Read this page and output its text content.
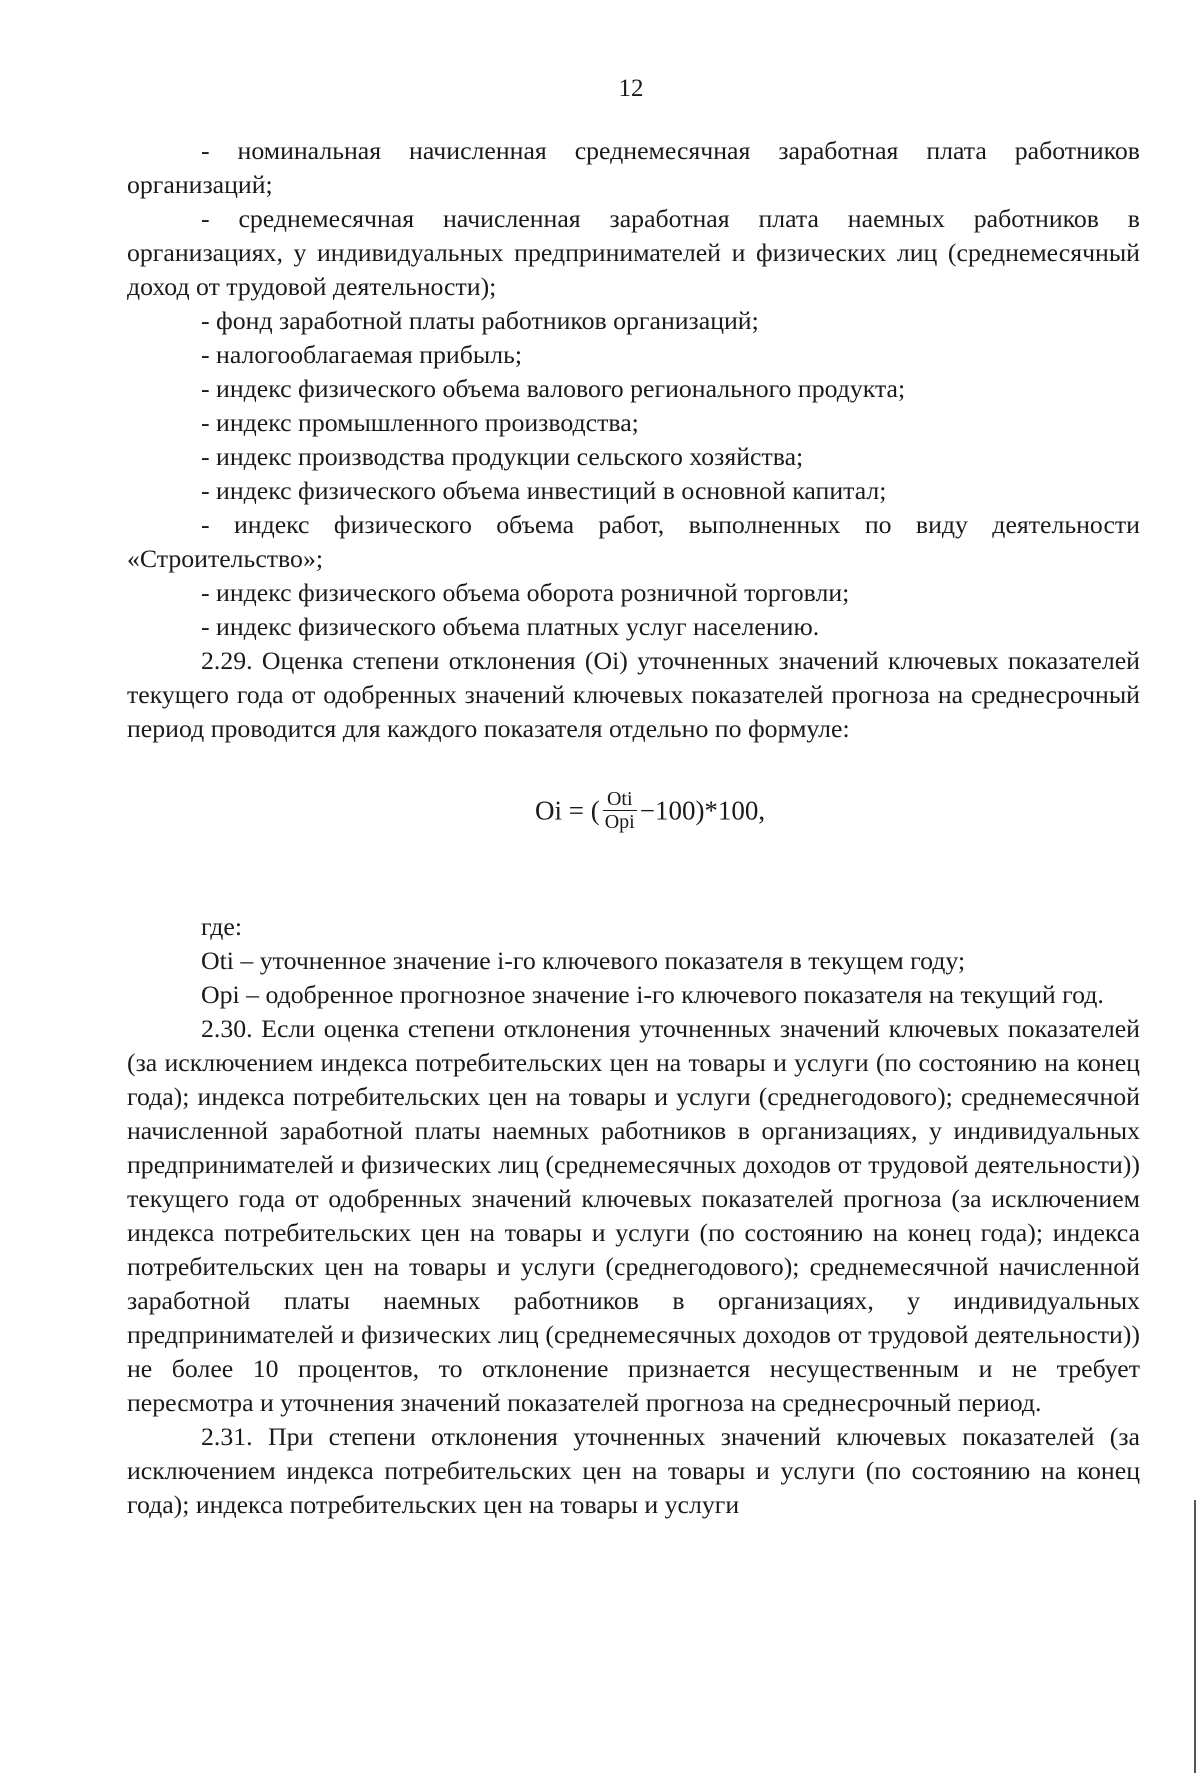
12

- номинальная начисленная среднемесячная заработная плата работников организаций;

- среднемесячная начисленная заработная плата наемных работников в организациях, у индивидуальных предпринимателей и физических лиц (среднемесячный доход от трудовой деятельности);

- фонд заработной платы работников организаций;

- налогооблагаемая прибыль;

- индекс физического объема валового регионального продукта;

- индекс промышленного производства;

- индекс производства продукции сельского хозяйства;

- индекс физического объема инвестиций в основной капитал;

- индекс физического объема работ, выполненных по виду деятельности «Строительство»;

- индекс физического объема оборота розничной торговли;

- индекс физического объема платных услуг населению.

2.29. Оценка степени отклонения (Oi) уточненных значений ключевых показателей текущего года от одобренных значений ключевых показателей прогноза на среднесрочный период проводится для каждого показателя отдельно по формуле:

Oi = ( $\frac{\text{Oti}}{\text{Opi}} -100)*100$,

где:

Oti – уточненное значение i-го ключевого показателя в текущем году;

Opi – одобренное прогнозное значение i-го ключевого показателя на текущий год.

2.30. Если оценка степени отклонения уточненных значений ключевых показателей (за исключением индекса потребительских цен на товары и услуги (по состоянию на конец года); индекса потребительских цен на товары и услуги (среднегодового); среднемесячной начисленной заработной платы наемных работников в организациях, у индивидуальных предпринимателей и физических лиц (среднемесячных доходов от трудовой деятельности)) текущего года от одобренных значений ключевых показателей прогноза (за исключением индекса потребительских цен на товары и услуги (по состоянию на конец года); индекса потребительских цен на товары и услуги (среднегодового); среднемесячной начисленной заработной платы наемных работников в организациях, у индивидуальных предпринимателей и физических лиц (среднемесячных доходов от трудовой деятельности)) не более 10 процентов, то отклонение признается несущественным и не требует пересмотра и уточнения значений показателей прогноза на среднесрочный период.

2.31. При степени отклонения уточненных значений ключевых показателей (за исключением индекса потребительских цен на товары и услуги (по состоянию на конец года); индекса потребительских цен на товары и услуги
